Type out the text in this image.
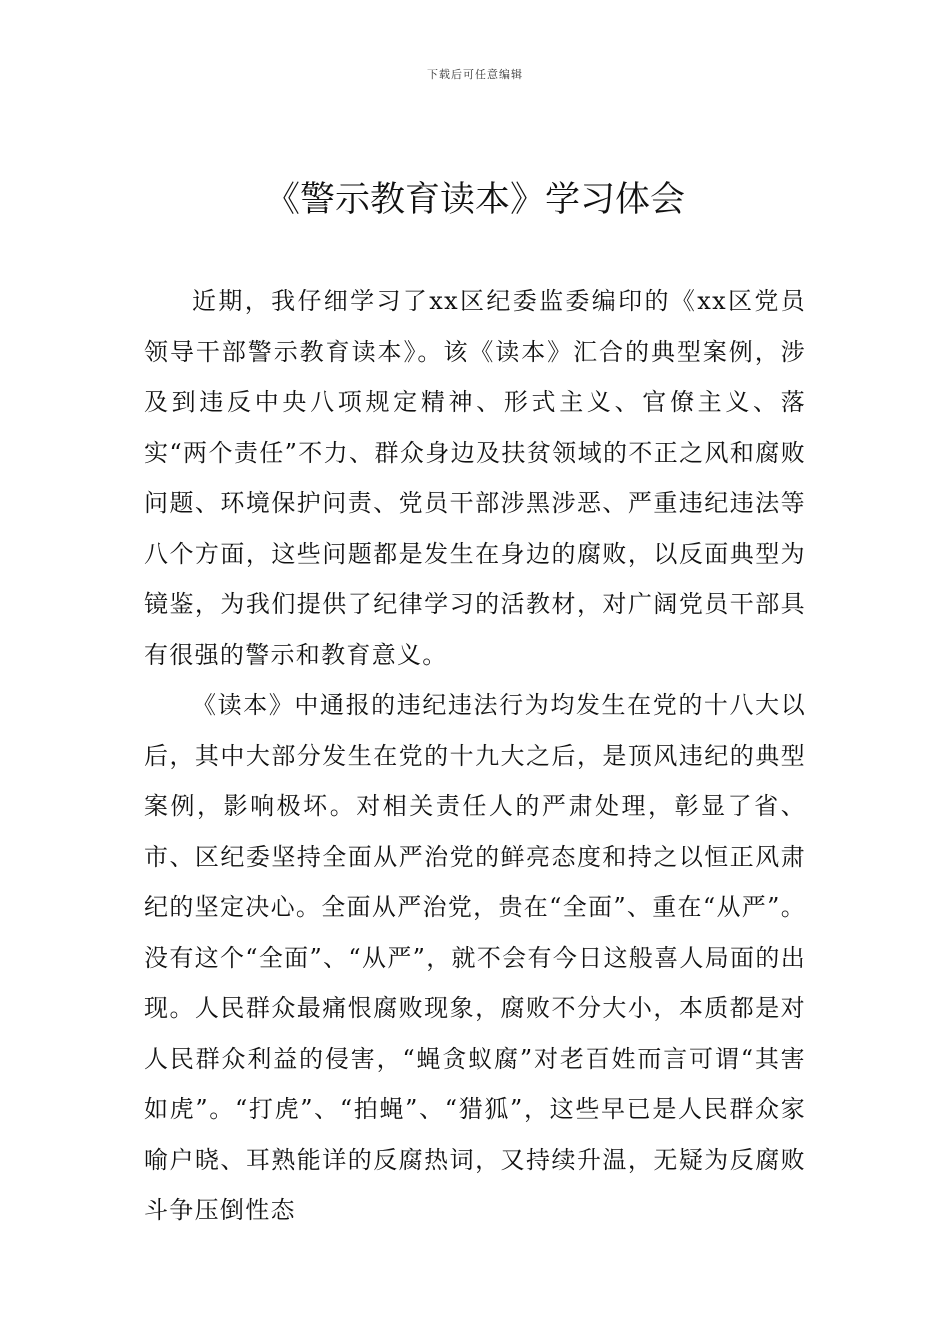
下载后可任意编辑
《警示教育读本》学习体会

近期，我仔细学习了xx区纪委监委编印的《xx区党员领导干部警示教育读本》。该《读本》汇合的典型案例，涉及到违反中央八项规定精神、形式主义、官僚主义、落实“两个责任”不力、群众身边及扶贫领域的不正之风和腐败问题、环境保护问责、党员干部涉黑涉恶、严重违纪违法等八个方面，这些问题都是发生在身边的腐败，以反面典型为镜鉴，为我们提供了纪律学习的活教材，对广阔党员干部具有很强的警示和教育意义。

《读本》中通报的违纪违法行为均发生在党的十八大以后，其中大部分发生在党的十九大之后，是顶风违纪的典型案例，影响极坏。对相关责任人的严肃处理，彰显了省、市、区纪委坚持全面从严治党的鲜亮态度和持之以恒正风肃纪的坚定决心。全面从严治党，贵在“全面”、重在“从严”。没有这个“全面”、“从严”，就不会有今日这般喜人局面的出现。人民群众最痛恨腐败现象，腐败不分大小，本质都是对人民群众利益的侵害，“蝇贪蚁腐”对老百姓而言可谓“其害如虎”。“打虎”、“拍蝇”、“猎狐”，这些早已是人民群众家喻户晓、耳熟能详的反腐热词，又持续升温，无疑为反腐败斗争压倒性态
